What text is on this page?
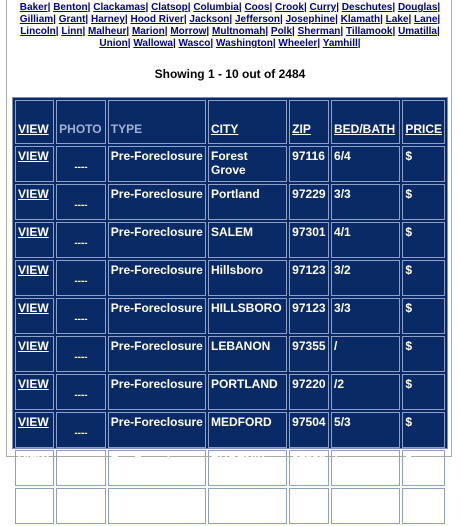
Baker| Benton| Clackamas| Clatsop| Columbia| Coos| Crook| Curry| Deschutes| Douglas|
Gilliam| Grant| Harney| Hood River| Jackson| Jefferson| Josephine| Klamath| Lake| Lane|
Lincoln| Linn| Malheur| Marion| Morrow| Multnomah| Polk| Sherman| Tillamook| Umatilla|
Union| Wallowa| Wasco| Washington| Wheeler| Yamhill|
Showing 1 - 10 out of 2484
VIEW	PHOTO	TYPE	CITY	ZIP	BED/BATH	PRICE
VIEW	----	Pre-Foreclosure	Forest Grove	97116	6/4	$
VIEW	----	Pre-Foreclosure	Portland	97229	3/3	$
VIEW	----	Pre-Foreclosure	SALEM	97301	4/1	$
VIEW	----	Pre-Foreclosure	Hillsboro	97123	3/2	$
VIEW	----	Pre-Foreclosure	HILLSBORO	97123	3/3	$
VIEW	----	Pre-Foreclosure	LEBANON	97355	/	$
VIEW	----	Pre-Foreclosure	PORTLAND	97220	/2	$
VIEW	----	Pre-Foreclosure	MEDFORD	97504	5/3	$
VIEW	----	Pre-Foreclosure	PHOENIX	97535	/	$
VIEW	----	Pre-Foreclosure	ALBANY	97322	3/1	$
